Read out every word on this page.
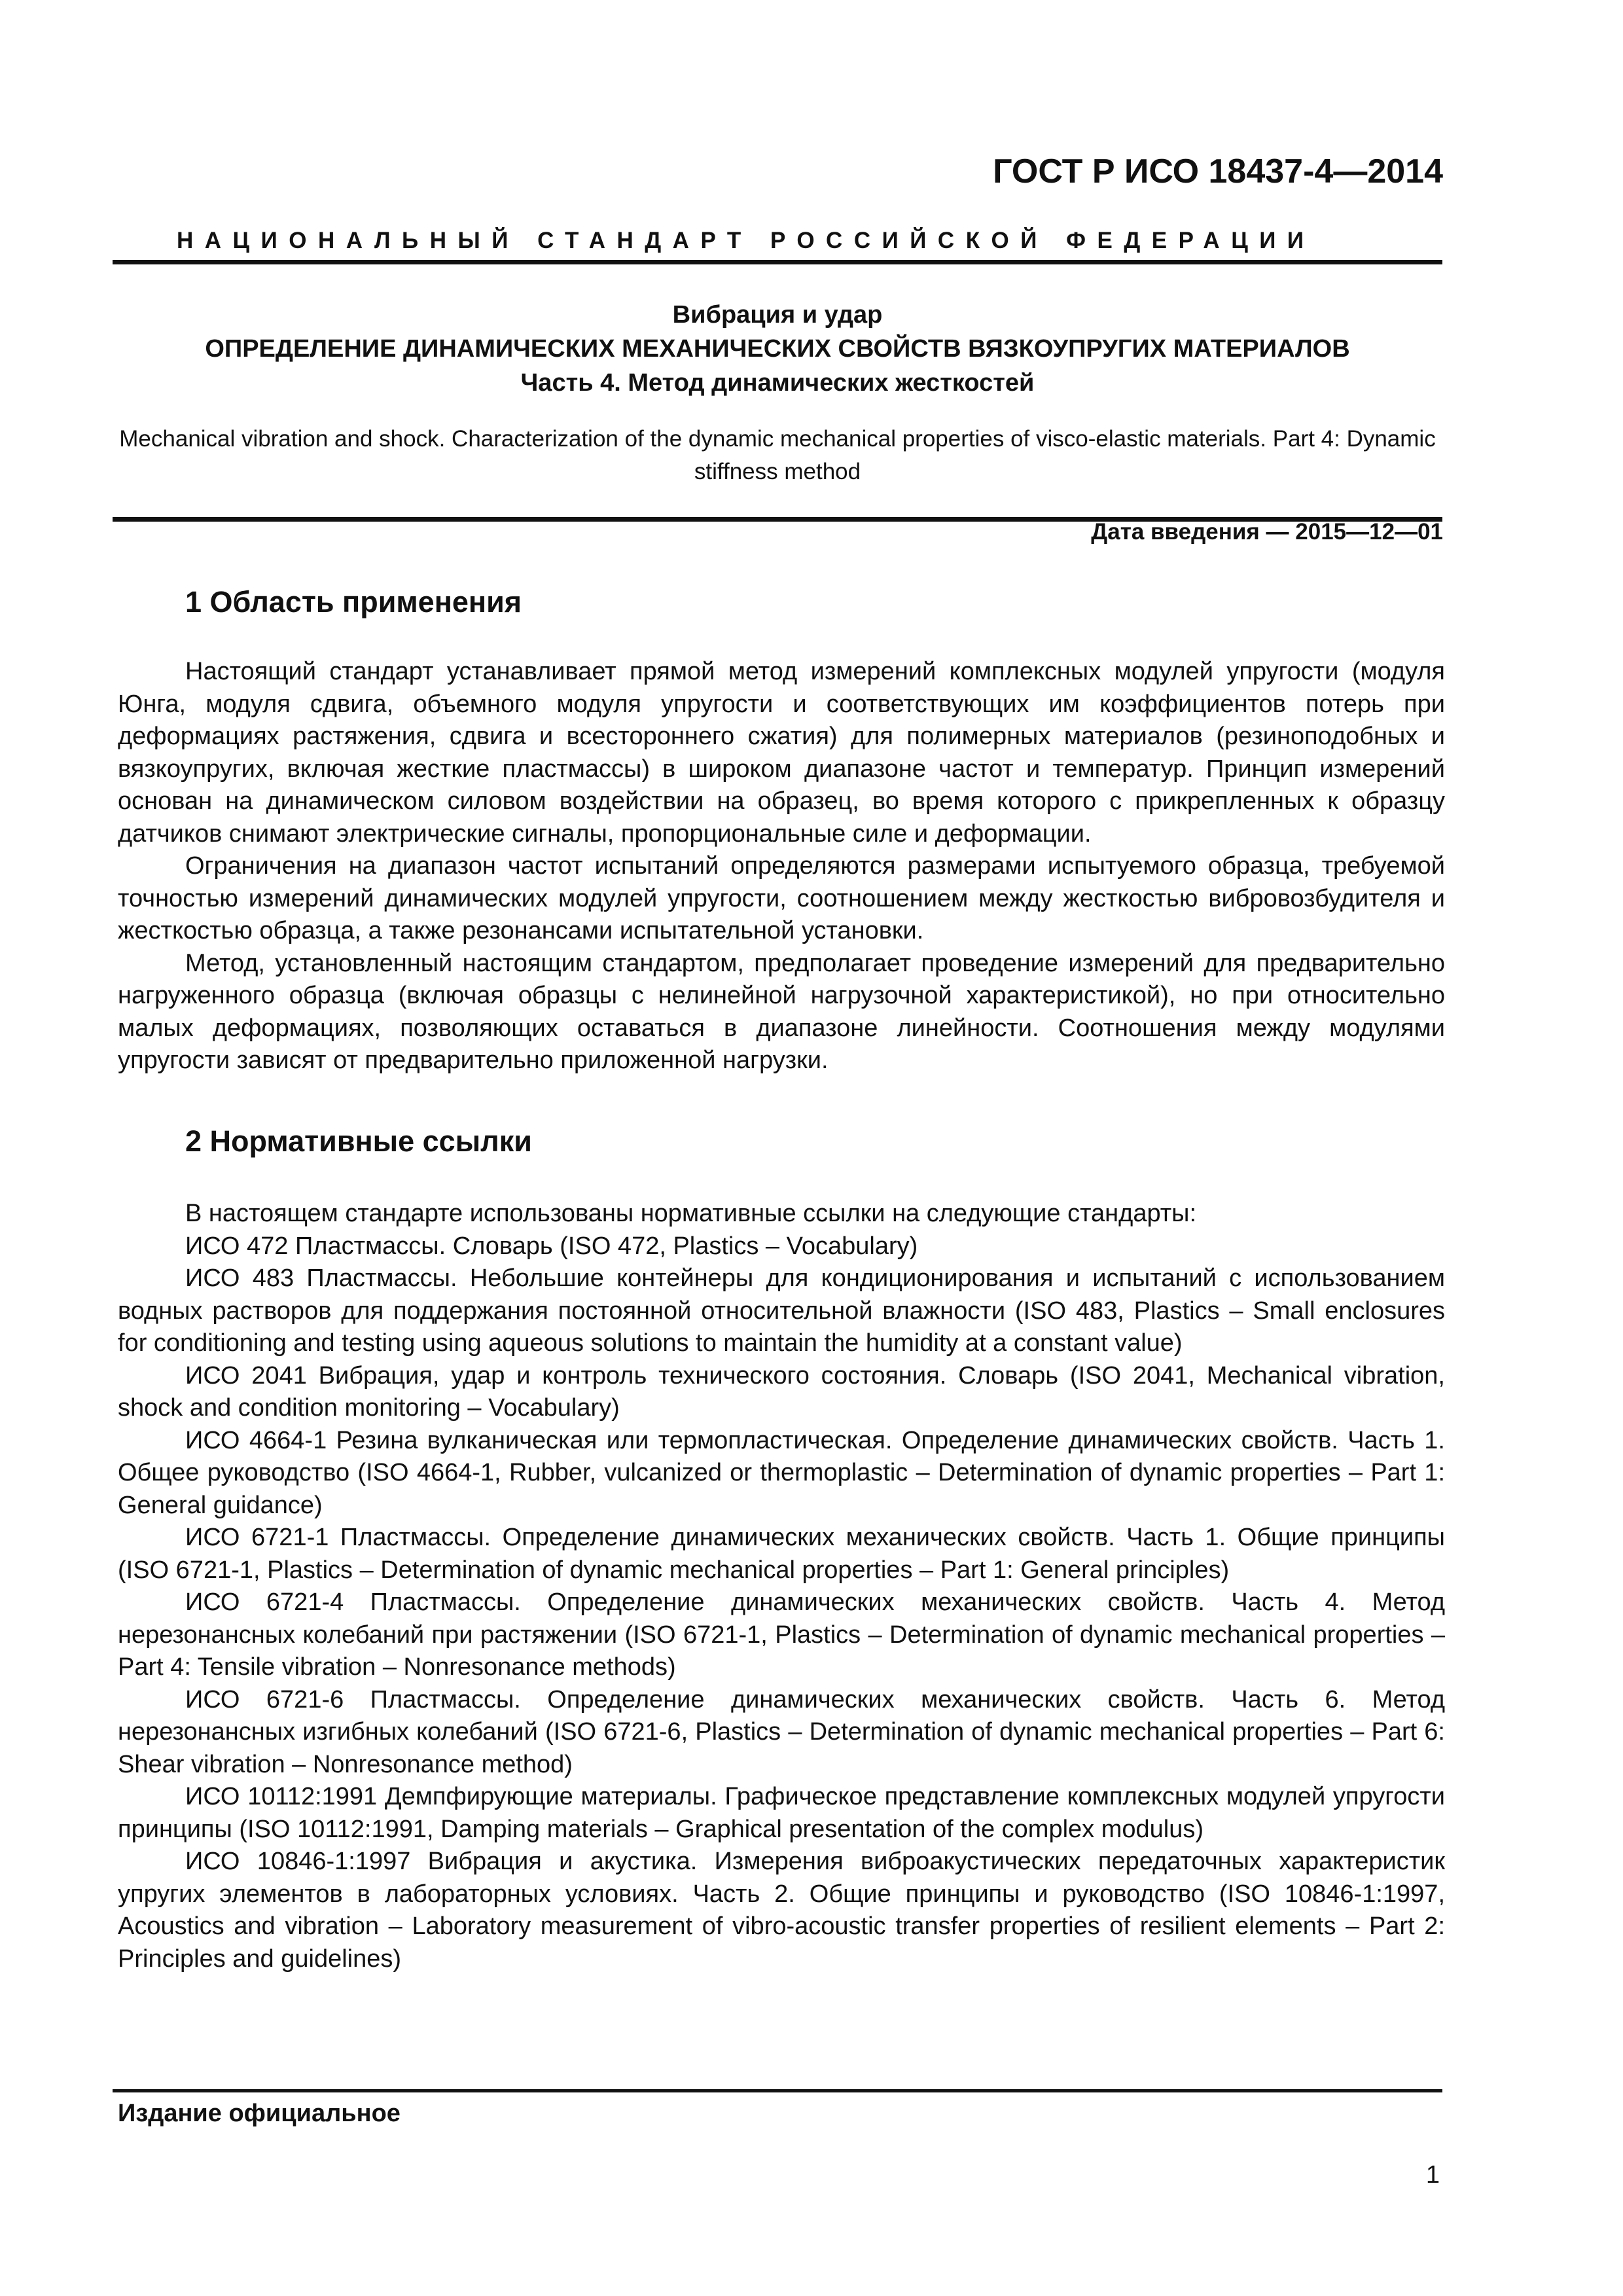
ГОСТ Р ИСО 18437-4—2014
НАЦИОНАЛЬНЫЙ СТАНДАРТ РОССИЙСКОЙ ФЕДЕРАЦИИ
Вибрация и удар
ОПРЕДЕЛЕНИЕ ДИНАМИЧЕСКИХ МЕХАНИЧЕСКИХ СВОЙСТВ ВЯЗКОУПРУГИХ МАТЕРИАЛОВ
Часть 4. Метод динамических жесткостей
Mechanical vibration and shock. Characterization of the dynamic mechanical properties of visco-elastic materials. Part 4: Dynamic stiffness method
Дата введения — 2015—12—01
1 Область применения

Настоящий стандарт устанавливает прямой метод измерений комплексных модулей упругости (модуля Юнга, модуля сдвига, объемного модуля упругости и соответствующих им коэффициентов потерь при деформациях растяжения, сдвига и всестороннего сжатия) для полимерных материалов (резиноподобных и вязкоупругих, включая жесткие пластмассы) в широком диапазоне частот и температур. Принцип измерений основан на динамическом силовом воздействии на образец, во время которого с прикрепленных к образцу датчиков снимают электрические сигналы, пропорциональные силе и деформации.

Ограничения на диапазон частот испытаний определяются размерами испытуемого образца, требуемой точностью измерений динамических модулей упругости, соотношением между жесткостью вибровозбудителя и жесткостью образца, а также резонансами испытательной установки.

Метод, установленный настоящим стандартом, предполагает проведение измерений для предварительно нагруженного образца (включая образцы с нелинейной нагрузочной характеристикой), но при относительно малых деформациях, позволяющих оставаться в диапазоне линейности. Соотношения между модулями упругости зависят от предварительно приложенной нагрузки.

2 Нормативные ссылки

В настоящем стандарте использованы нормативные ссылки на следующие стандарты:

ИСО 472 Пластмассы. Словарь (ISO 472, Plastics – Vocabulary)

ИСО 483 Пластмассы. Небольшие контейнеры для кондиционирования и испытаний с использованием водных растворов для поддержания постоянной относительной влажности (ISO 483, Plastics – Small enclosures for conditioning and testing using aqueous solutions to maintain the humidity at a constant value)

ИСО 2041 Вибрация, удар и контроль технического состояния. Словарь (ISO 2041, Mechanical vibration, shock and condition monitoring – Vocabulary)

ИСО 4664-1 Резина вулканическая или термопластическая. Определение динамических свойств. Часть 1. Общее руководство (ISO 4664-1, Rubber, vulcanized or thermoplastic – Determination of dynamic properties – Part 1: General guidance)

ИСО 6721-1 Пластмассы. Определение динамических механических свойств. Часть 1. Общие принципы (ISO 6721-1, Plastics – Determination of dynamic mechanical properties – Part 1: General principles)

ИСО 6721-4 Пластмассы. Определение динамических механических свойств. Часть 4. Метод нерезонансных колебаний при растяжении (ISO 6721-1, Plastics – Determination of dynamic mechanical properties – Part 4: Tensile vibration – Nonresonance methods)

ИСО 6721-6 Пластмассы. Определение динамических механических свойств. Часть 6. Метод нерезонансных изгибных колебаний (ISO 6721-6, Plastics – Determination of dynamic mechanical properties – Part 6: Shear vibration – Nonresonance method)

ИСО 10112:1991 Демпфирующие материалы. Графическое представление комплексных модулей упругости принципы (ISO 10112:1991, Damping materials – Graphical presentation of the complex modulus)

ИСО 10846-1:1997 Вибрация и акустика. Измерения виброакустических передаточных характеристик упругих элементов в лабораторных условиях. Часть 2. Общие принципы и руководство (ISO 10846-1:1997, Acoustics and vibration – Laboratory measurement of vibro-acoustic transfer properties of resilient elements – Part 2: Principles and guidelines)

Издание официальное
1
